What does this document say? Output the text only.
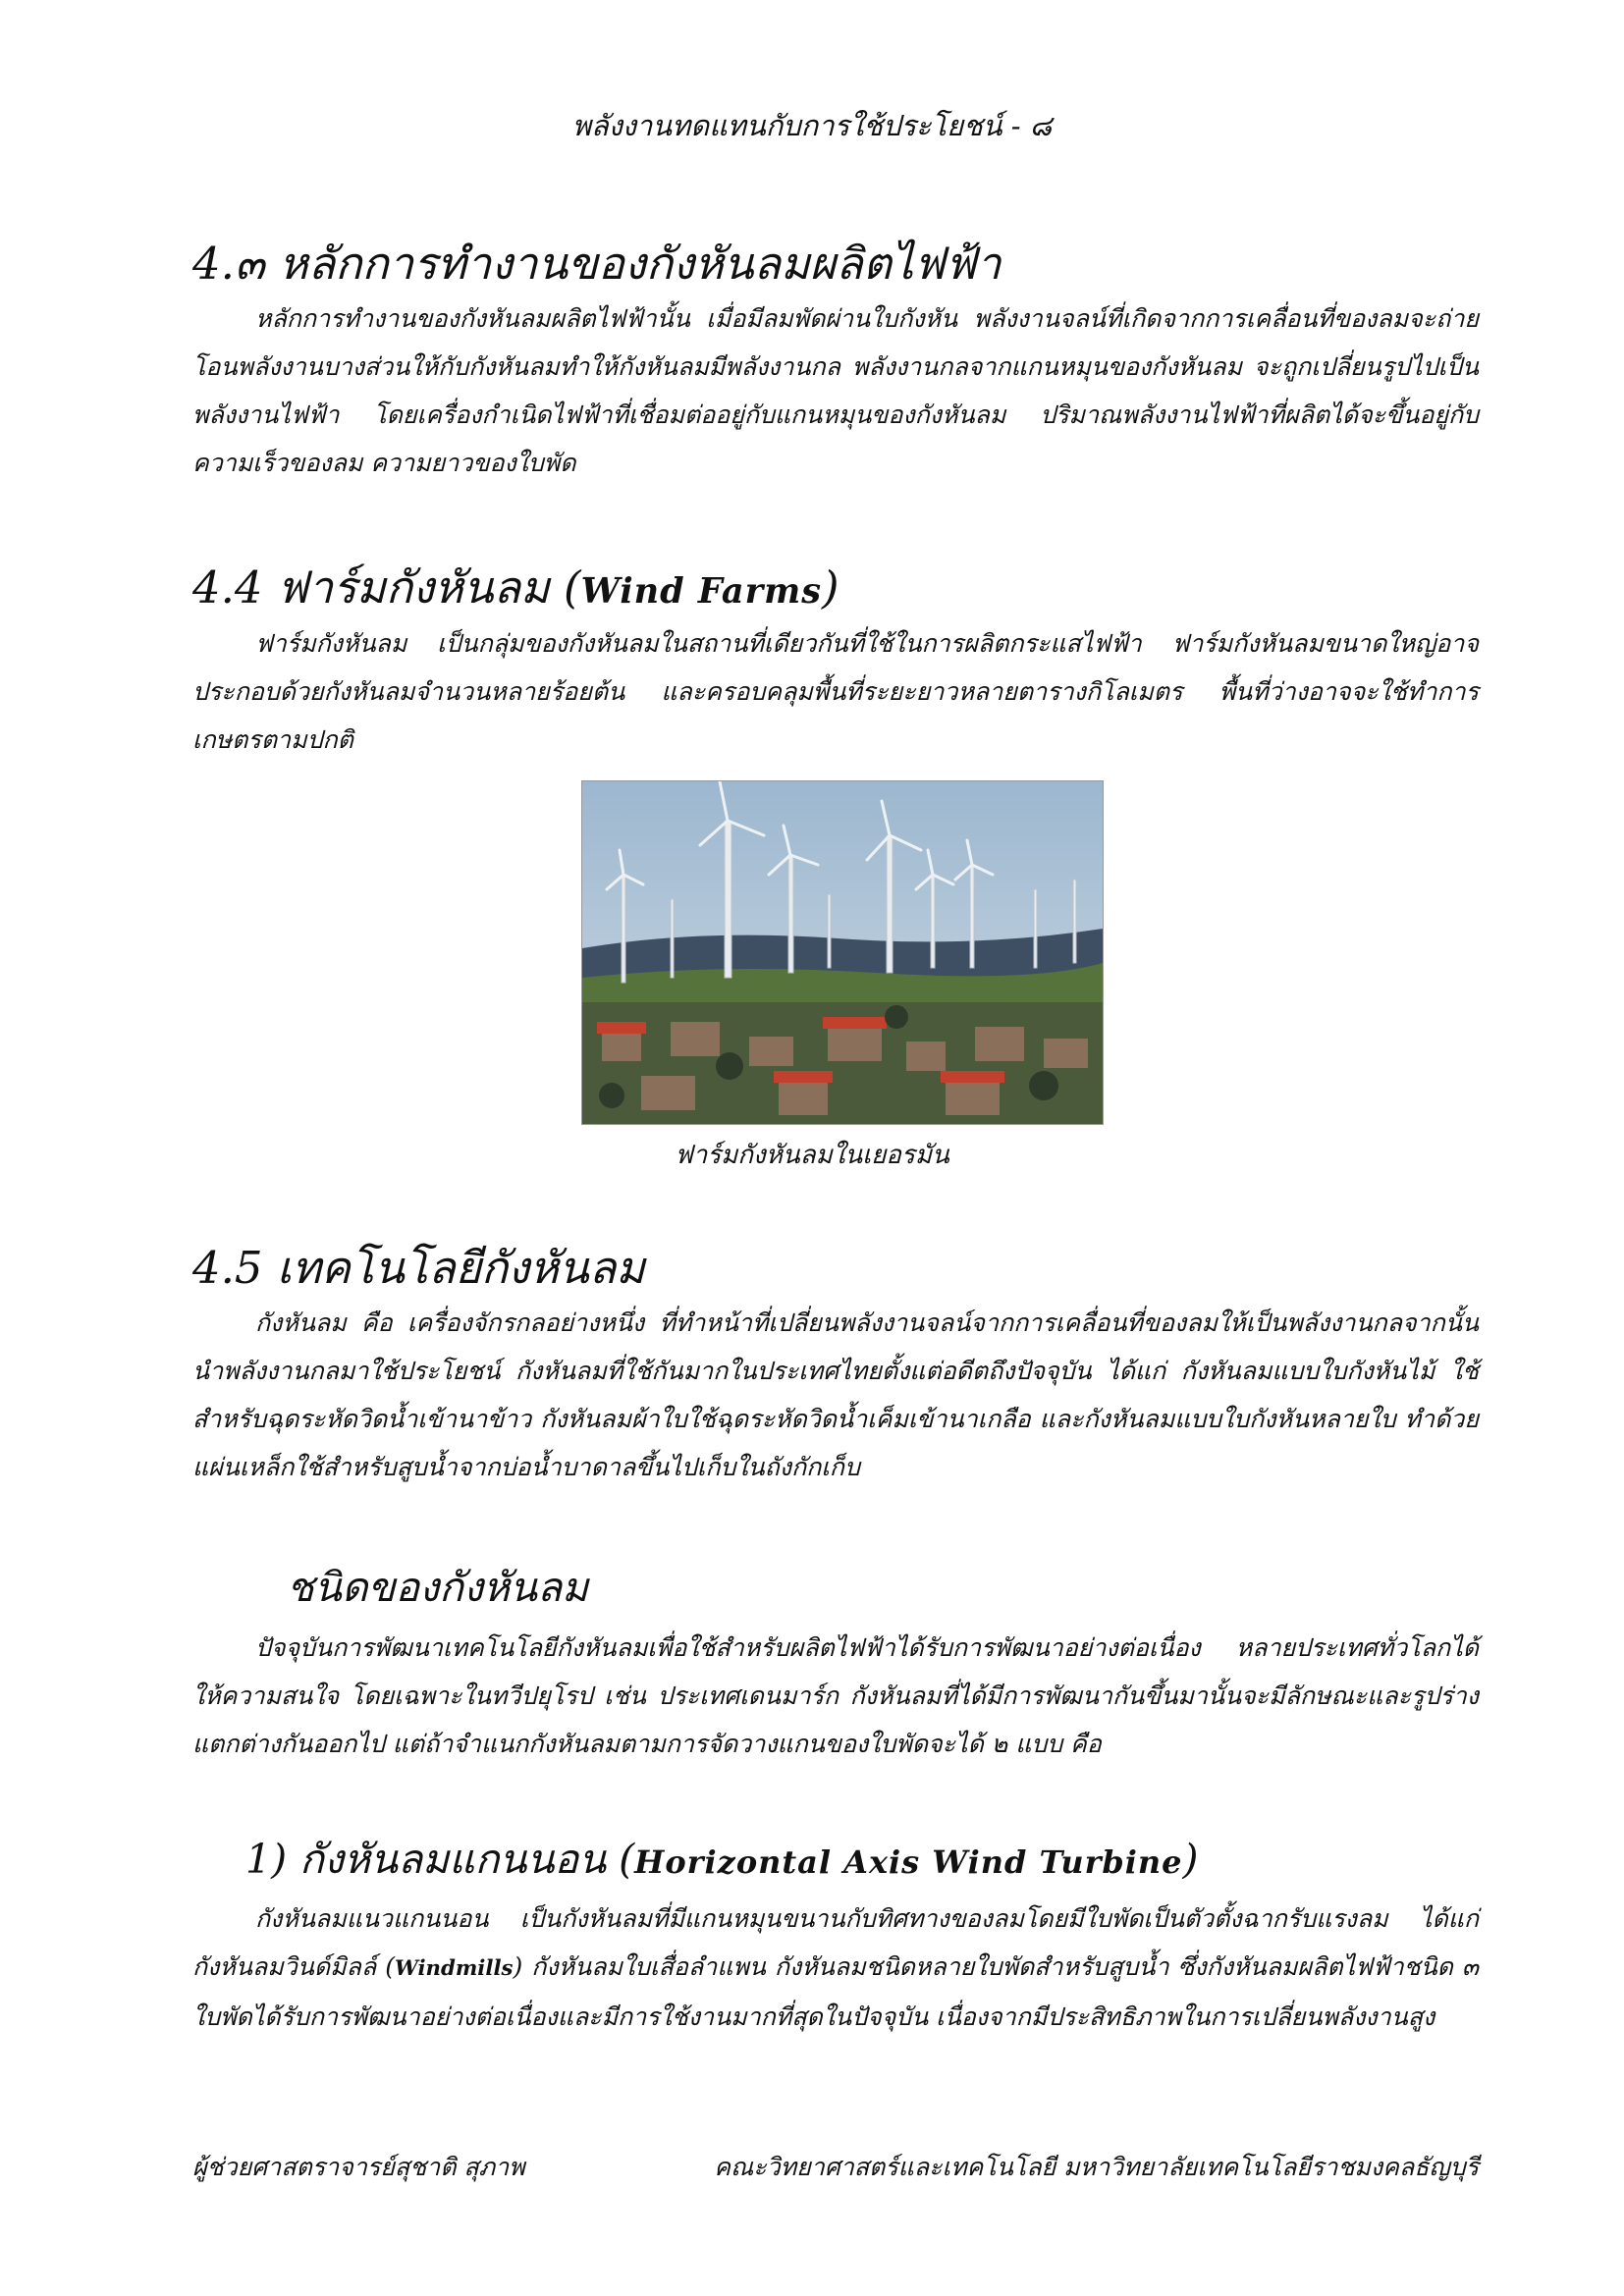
พลังงานทดแทนกับการใช้ประโยชน์ - ๘
4.๓ หลักการทำงานของกังหันลมผลิตไฟฟ้า

หลักการทำงานของกังหันลมผลิตไฟฟ้านั้น เมื่อมีลมพัดผ่านใบกังหัน พลังงานจลน์ที่เกิดจากการเคลื่อนที่ของลมจะถ่ายโอนพลังงานบางส่วนให้กับกังหันลมทำให้กังหันลมมีพลังงานกล พลังงานกลจากแกนหมุนของกังหันลม จะถูกเปลี่ยนรูปไปเป็นพลังงานไฟฟ้า โดยเครื่องกำเนิดไฟฟ้าที่เชื่อมต่ออยู่กับแกนหมุนของกังหันลม ปริมาณพลังงานไฟฟ้าที่ผลิตได้จะขึ้นอยู่กับความเร็วของลม ความยาวของใบพัด

4.4 ฟาร์มกังหันลม (Wind Farms)

ฟาร์มกังหันลม เป็นกลุ่มของกังหันลมในสถานที่เดียวกันที่ใช้ในการผลิตกระแสไฟฟ้า ฟาร์มกังหันลมขนาดใหญ่อาจประกอบด้วยกังหันลมจำนวนหลายร้อยต้น และครอบคลุมพื้นที่ระยะยาวหลายตารางกิโลเมตร พื้นที่ว่างอาจจะใช้ทำการเกษตรตามปกติ

ฟาร์มกังหันลมในเยอรมัน
4.5 เทคโนโลยีกังหันลม

กังหันลม คือ เครื่องจักรกลอย่างหนึ่ง ที่ทำหน้าที่เปลี่ยนพลังงานจลน์จากการเคลื่อนที่ของลมให้เป็นพลังงานกลจากนั้นนำพลังงานกลมาใช้ประโยชน์ กังหันลมที่ใช้กันมากในประเทศไทยตั้งแต่อดีตถึงปัจจุบัน ได้แก่ กังหันลมแบบใบกังหันไม้ ใช้สำหรับฉุดระหัดวิดน้ำเข้านาข้าว กังหันลมผ้าใบใช้ฉุดระหัดวิดน้ำเค็มเข้านาเกลือ และกังหันลมแบบใบกังหันหลายใบ ทำด้วยแผ่นเหล็กใช้สำหรับสูบน้ำจากบ่อน้ำบาดาลขึ้นไปเก็บในถังกักเก็บ

ชนิดของกังหันลม

ปัจจุบันการพัฒนาเทคโนโลยีกังหันลมเพื่อใช้สำหรับผลิตไฟฟ้าได้รับการพัฒนาอย่างต่อเนื่อง หลายประเทศทั่วโลกได้ให้ความสนใจ โดยเฉพาะในทวีปยุโรป เช่น ประเทศเดนมาร์ก กังหันลมที่ได้มีการพัฒนากันขึ้นมานั้นจะมีลักษณะและรูปร่างแตกต่างกันออกไป แต่ถ้าจำแนกกังหันลมตามการจัดวางแกนของใบพัดจะได้ ๒ แบบ คือ

1) กังหันลมแกนนอน (Horizontal Axis Wind Turbine)

กังหันลมแนวแกนนอน เป็นกังหันลมที่มีแกนหมุนขนานกับทิศทางของลมโดยมีใบพัดเป็นตัวตั้งฉากรับแรงลม ได้แก่ กังหันลมวินด์มิลล์ (Windmills) กังหันลมใบเสื่อลำแพน กังหันลมชนิดหลายใบพัดสำหรับสูบน้ำ ซึ่งกังหันลมผลิตไฟฟ้าชนิด ๓ ใบพัดได้รับการพัฒนาอย่างต่อเนื่องและมีการใช้งานมากที่สุดในปัจจุบัน เนื่องจากมีประสิทธิภาพในการเปลี่ยนพลังงานสูง

ผู้ช่วยศาสตราจารย์สุชาติ สุภาพ	คณะวิทยาศาสตร์และเทคโนโลยี มหาวิทยาลัยเทคโนโลยีราชมงคลธัญบุรี
